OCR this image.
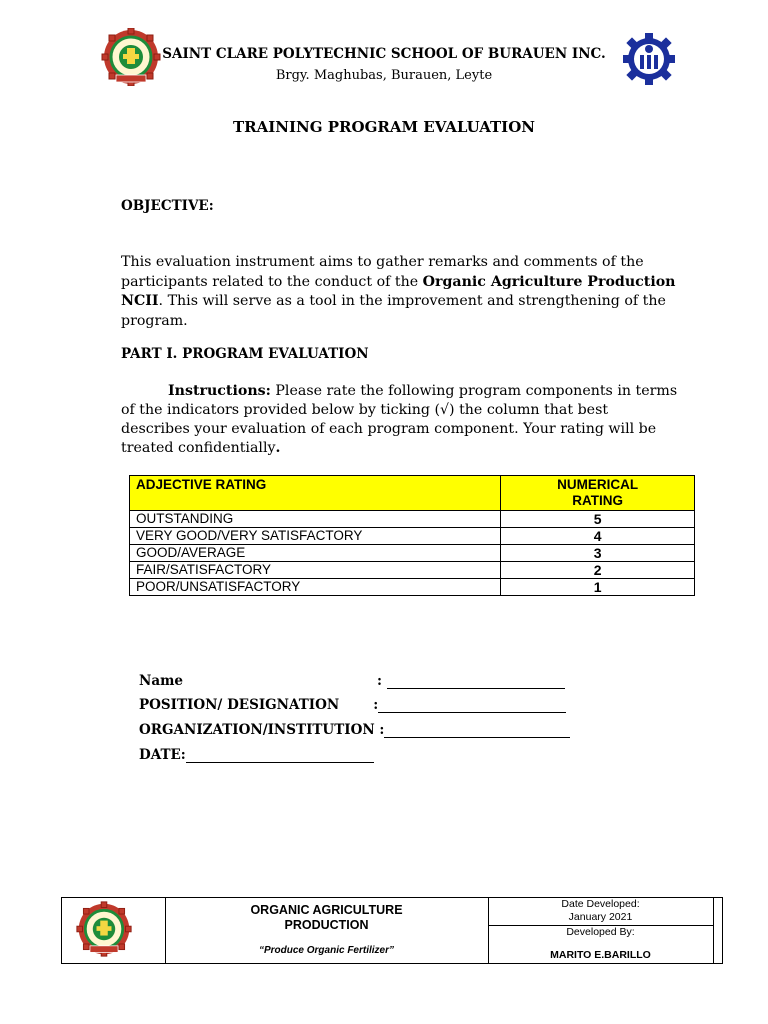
SAINT CLARE POLYTECHNIC SCHOOL OF BURAUEN INC.
Brgy. Maghubas, Burauen, Leyte
TRAINING PROGRAM EVALUATION
OBJECTIVE:
This evaluation instrument aims to gather remarks and comments of the participants related to the conduct of the Organic Agriculture Production NCII. This will serve as a tool in the improvement and strengthening of the program.
PART I. PROGRAM EVALUATION
Instructions: Please rate the following program components in terms of the indicators provided below by ticking (√) the column that best describes your evaluation of each program component. Your rating will be treated confidentially.
ADJECTIVE RATING	NUMERICAL RATING
OUTSTANDING	5
VERY GOOD/VERY SATISFACTORY	4
GOOD/AVERAGE	3
FAIR/SATISFACTORY	2
POOR/UNSATISFACTORY	1
Name	:
POSITION/ DESIGNATION	:
ORGANIZATION/INSTITUTION :
DATE:
ORGANIC AGRICULTURE
PRODUCTION
“Produce Organic Fertilizer”
Date Developed:
January 2021
Developed By:
MARITO E.BARILLO
